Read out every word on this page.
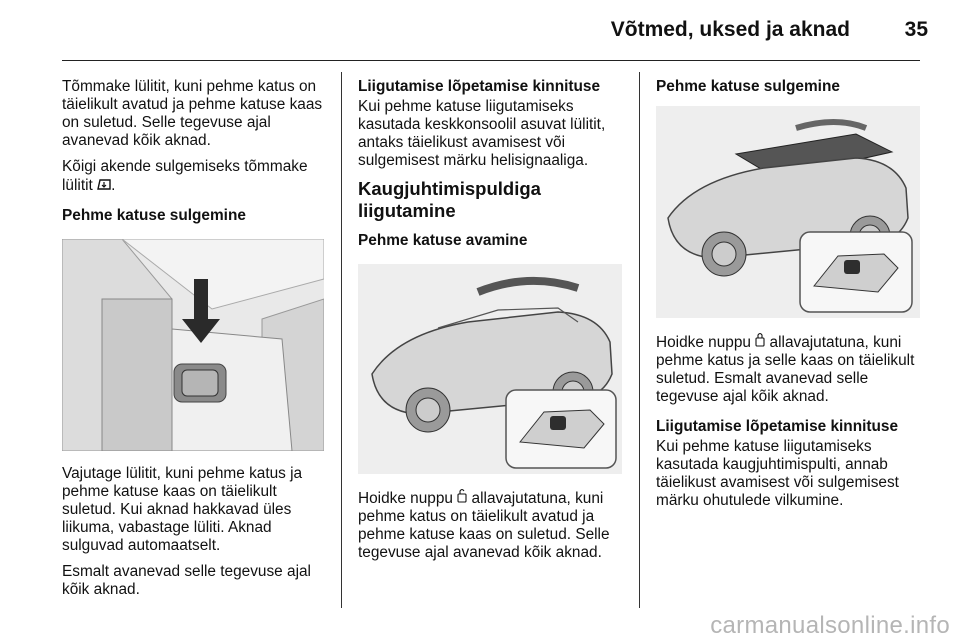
Võtmed, uksed ja aknad	35

Tõmmake lülitit, kuni pehme katus on täielikult avatud ja pehme katuse kaas on suletud. Selle tegevuse ajal avanevad kõik aknad.

Kõigi akende sulgemiseks tõmmake lülitit .

Pehme katuse sulgemine

Vajutage lülitit, kuni pehme katus ja pehme katuse kaas on täielikult suletud. Kui aknad hakkavad üles liikuma, vabastage lüliti. Aknad sulguvad automaatselt.

Esmalt avanevad selle tegevuse ajal kõik aknad.

Liigutamise lõpetamise kinnituse

Kui pehme katuse liigutamiseks kasutada keskkonsoolil asuvat lülitit, antaks täielikust avamisest või sulgemisest märku helisignaaliga.

Kaugjuhtimispuldiga liigutamine
Pehme katuse avamine

Hoidke nuppu allavajutatuna, kuni pehme katus on täielikult avatud ja pehme katuse kaas on suletud. Selle tegevuse ajal avanevad kõik aknad.

Pehme katuse sulgemine

Hoidke nuppu allavajutatuna, kuni pehme katus ja selle kaas on täielikult suletud. Esmalt avanevad selle tegevuse ajal kõik aknad.

Liigutamise lõpetamise kinnituse

Kui pehme katuse liigutamiseks kasutada kaugjuhtimispulti, annab täielikust avamisest või sulgemisest märku ohutulede vilkumine.

carmanualsonline.info
